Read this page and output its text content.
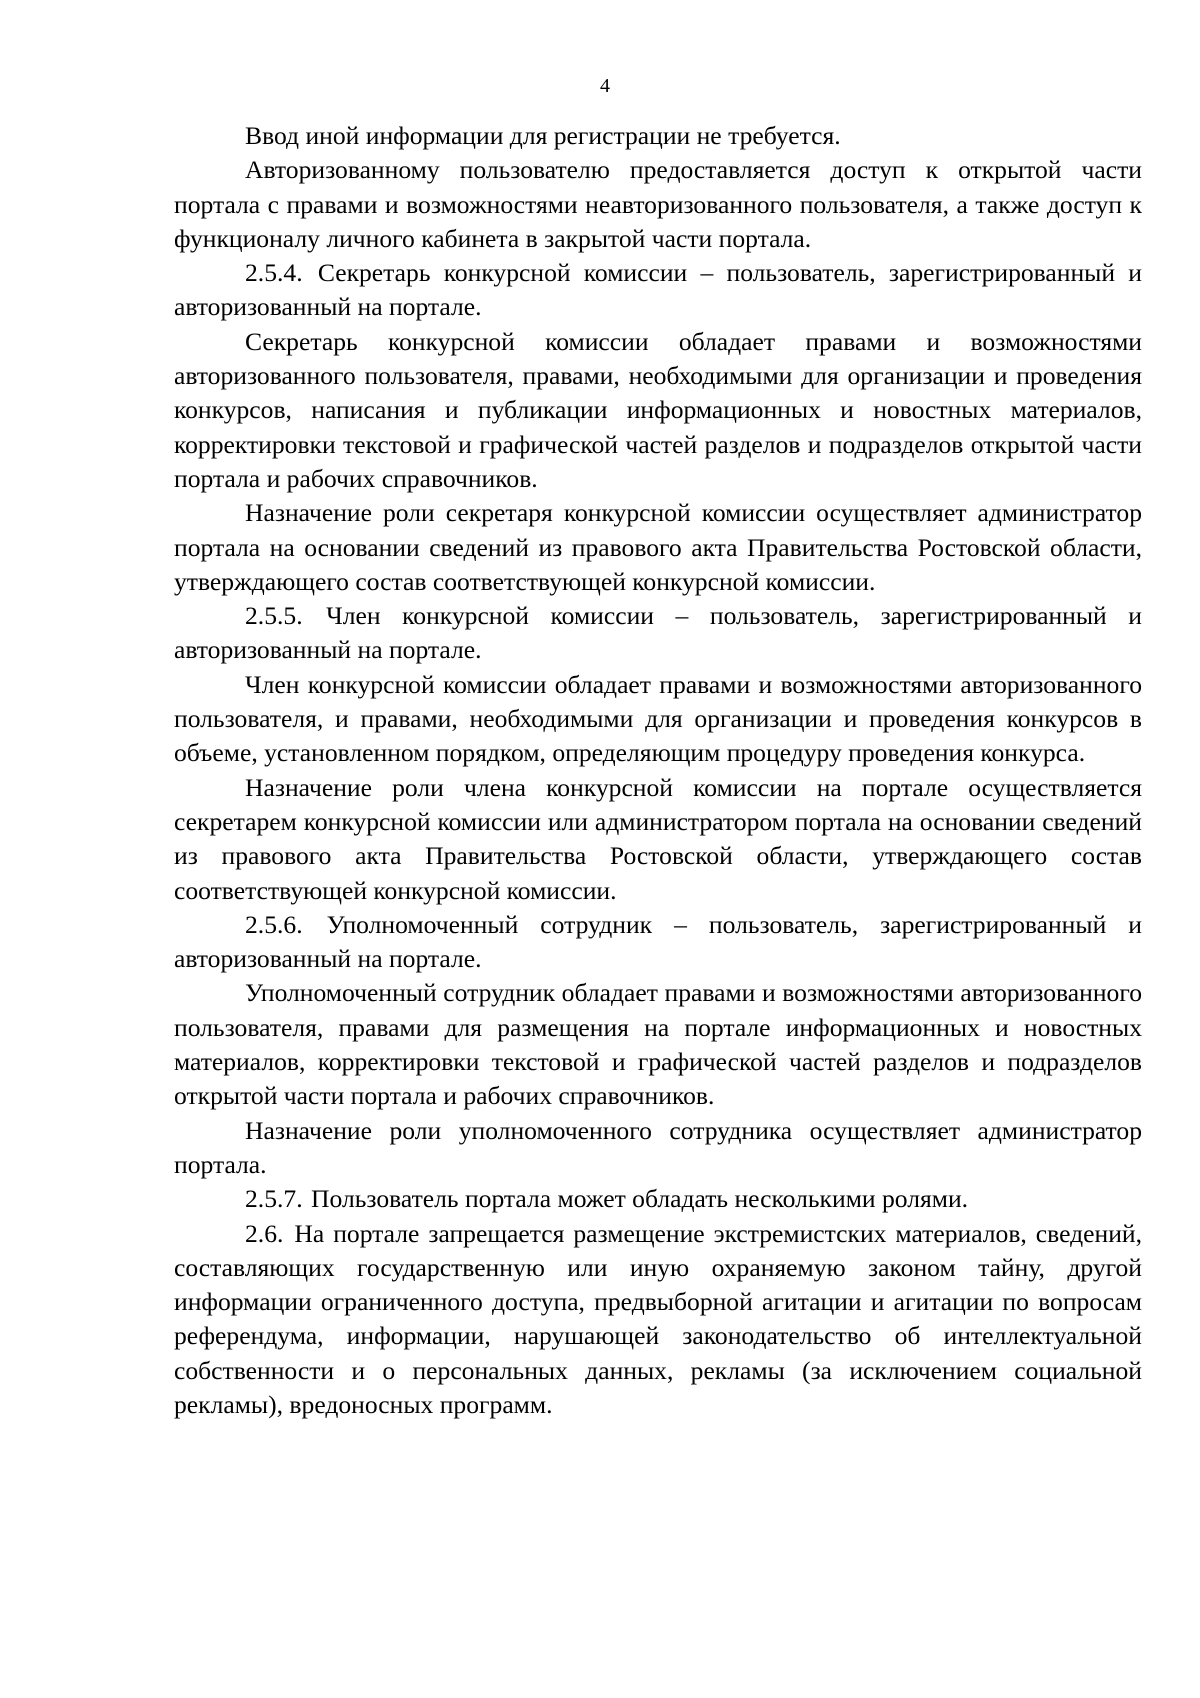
4

Ввод иной информации для регистрации не требуется.

Авторизованному пользователю предоставляется доступ к открытой части портала с правами и возможностями неавторизованного пользователя, а также доступ к функционалу личного кабинета в закрытой части портала.

2.5.4. Секретарь конкурсной комиссии – пользователь, зарегистрированный и авторизованный на портале.

Секретарь конкурсной комиссии обладает правами и возможностями авторизованного пользователя, правами, необходимыми для организации и проведения конкурсов, написания и публикации информационных и новостных материалов, корректировки текстовой и графической частей разделов и подразделов открытой части портала и рабочих справочников.

Назначение роли секретаря конкурсной комиссии осуществляет администратор портала на основании сведений из правового акта Правительства Ростовской области, утверждающего состав соответствующей конкурсной комиссии.

2.5.5. Член конкурсной комиссии – пользователь, зарегистрированный и авторизованный на портале.

Член конкурсной комиссии обладает правами и возможностями авторизованного пользователя, и правами, необходимыми для организации и проведения конкурсов в объеме, установленном порядком, определяющим процедуру проведения конкурса.

Назначение роли члена конкурсной комиссии на портале осуществляется секретарем конкурсной комиссии или администратором портала на основании сведений из правового акта Правительства Ростовской области, утверждающего состав соответствующей конкурсной комиссии.

2.5.6. Уполномоченный сотрудник – пользователь, зарегистрированный и авторизованный на портале.

Уполномоченный сотрудник обладает правами и возможностями авторизованного пользователя, правами для размещения на портале информационных и новостных материалов, корректировки текстовой и графической частей разделов и подразделов открытой части портала и рабочих справочников.

Назначение роли уполномоченного сотрудника осуществляет администратор портала.

2.5.7. Пользователь портала может обладать несколькими ролями.

2.6. На портале запрещается размещение экстремистских материалов, сведений, составляющих государственную или иную охраняемую законом тайну, другой информации ограниченного доступа, предвыборной агитации и агитации по вопросам референдума, информации, нарушающей законодательство об интеллектуальной собственности и о персональных данных, рекламы (за исключением социальной рекламы), вредоносных программ.
